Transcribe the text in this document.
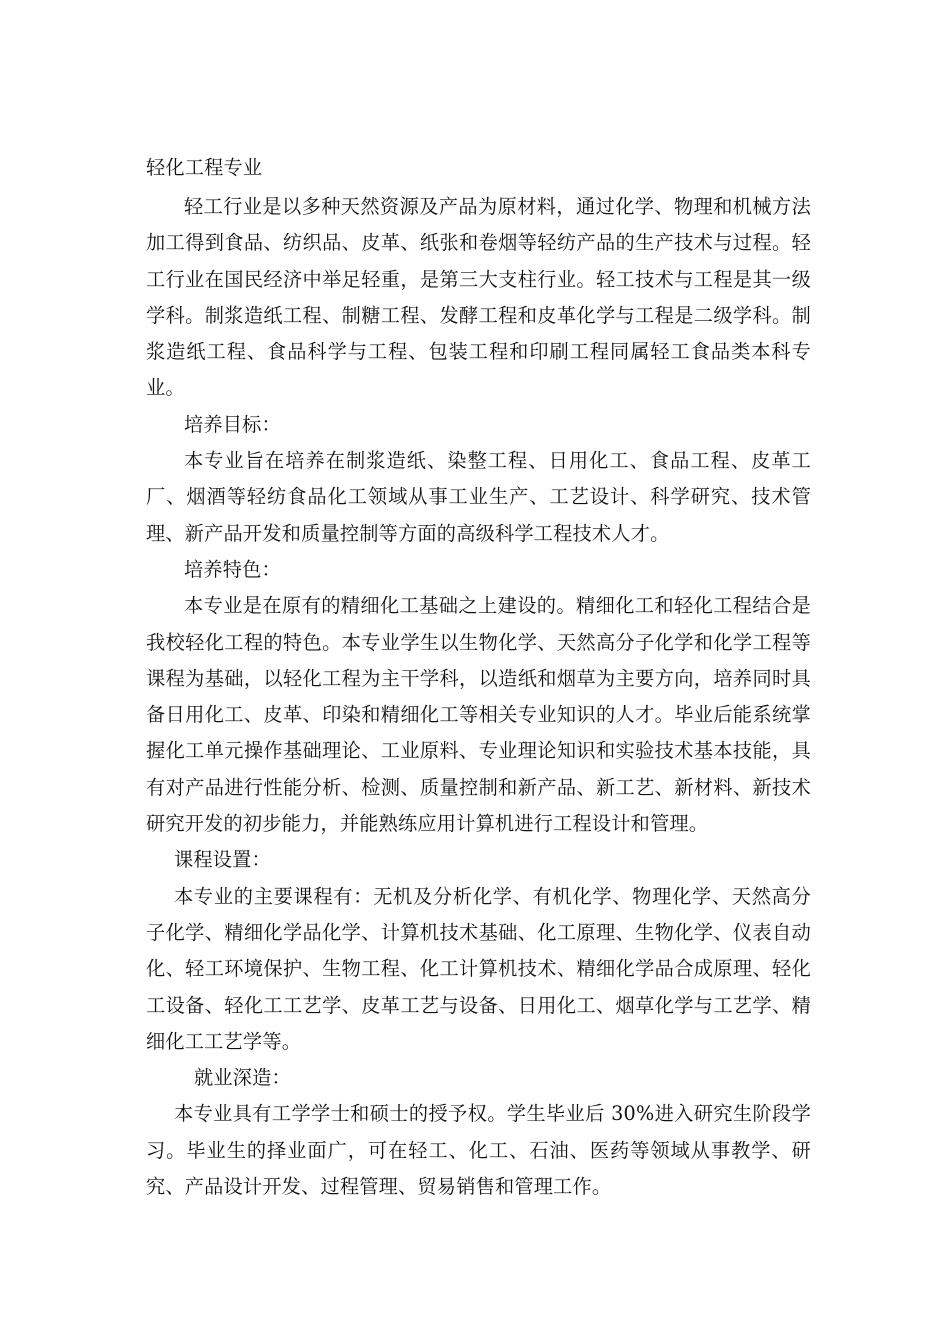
轻化工程专业

轻工行业是以多种天然资源及产品为原材料，通过化学、物理和机械方法加工得到食品、纺织品、皮革、纸张和卷烟等轻纺产品的生产技术与过程。轻工行业在国民经济中举足轻重，是第三大支柱行业。轻工技术与工程是其一级学科。制浆造纸工程、制糖工程、发酵工程和皮革化学与工程是二级学科。制浆造纸工程、食品科学与工程、包装工程和印刷工程同属轻工食品类本科专业。

培养目标：

本专业旨在培养在制浆造纸、染整工程、日用化工、食品工程、皮革工厂、烟酒等轻纺食品化工领域从事工业生产、工艺设计、科学研究、技术管理、新产品开发和质量控制等方面的高级科学工程技术人才。

培养特色：

本专业是在原有的精细化工基础之上建设的。精细化工和轻化工程结合是我校轻化工程的特色。本专业学生以生物化学、天然高分子化学和化学工程等课程为基础，以轻化工程为主干学科，以造纸和烟草为主要方向，培养同时具备日用化工、皮革、印染和精细化工等相关专业知识的人才。毕业后能系统掌握化工单元操作基础理论、工业原料、专业理论知识和实验技术基本技能，具有对产品进行性能分析、检测、质量控制和新产品、新工艺、新材料、新技术研究开发的初步能力，并能熟练应用计算机进行工程设计和管理。

课程设置：

本专业的主要课程有：无机及分析化学、有机化学、物理化学、天然高分子化学、精细化学品化学、计算机技术基础、化工原理、生物化学、仪表自动化、轻工环境保护、生物工程、化工计算机技术、精细化学品合成原理、轻化工设备、轻化工工艺学、皮革工艺与设备、日用化工、烟草化学与工艺学、精细化工工艺学等。

就业深造：

本专业具有工学学士和硕士的授予权。学生毕业后 30%进入研究生阶段学习。毕业生的择业面广，可在轻工、化工、石油、医药等领域从事教学、研究、产品设计开发、过程管理、贸易销售和管理工作。
